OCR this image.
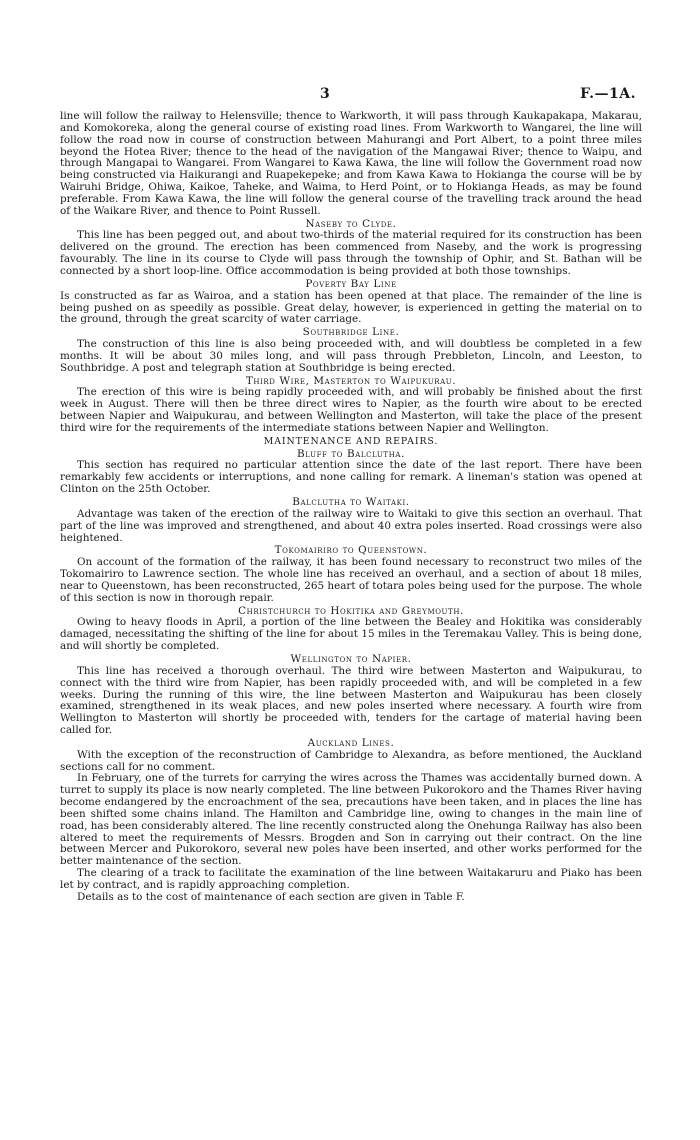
3	F.—1A.

line will follow the railway to Helensville; thence to Warkworth, it will pass through Kaukapakapa, Makarau, and Komokoreka, along the general course of existing road lines. From Warkworth to Wangarei, the line will follow the road now in course of construction between Mahurangi and Port Albert, to a point three miles beyond the Hotea River; thence to the head of the navigation of the Mangawai River; thence to Waipu, and through Mangapai to Wangarei. From Wangarei to Kawa Kawa, the line will follow the Government road now being constructed via Haikurangi and Ruapekepeke; and from Kawa Kawa to Hokianga the course will be by Wairuhi Bridge, Ohiwa, Kaikoe, Taheke, and Waima, to Herd Point, or to Hokianga Heads, as may be found preferable. From Kawa Kawa, the line will follow the general course of the travelling track around the head of the Waikare River, and thence to Point Russell.

Naseby to Clyde.

This line has been pegged out, and about two-thirds of the material required for its construction has been delivered on the ground. The erection has been commenced from Naseby, and the work is progressing favourably. The line in its course to Clyde will pass through the township of Ophir, and St. Bathan will be connected by a short loop-line. Office accommodation is being provided at both those townships.

Poverty Bay Line

Is constructed as far as Wairoa, and a station has been opened at that place. The remainder of the line is being pushed on as speedily as possible. Great delay, however, is experienced in getting the material on to the ground, through the great scarcity of water carriage.

Southbridge Line.

The construction of this line is also being proceeded with, and will doubtless be completed in a few months. It will be about 30 miles long, and will pass through Prebbleton, Lincoln, and Leeston, to Southbridge. A post and telegraph station at Southbridge is being erected.

Third Wire, Masterton to Waipukurau.

The erection of this wire is being rapidly proceeded with, and will probably be finished about the first week in August. There will then be three direct wires to Napier, as the fourth wire about to be erected between Napier and Waipukurau, and between Wellington and Masterton, will take the place of the present third wire for the requirements of the intermediate stations between Napier and Wellington.

MAINTENANCE AND REPAIRS.
Bluff to Balclutha.

This section has required no particular attention since the date of the last report. There have been remarkably few accidents or interruptions, and none calling for remark. A lineman's station was opened at Clinton on the 25th October.

Balclutha to Waitaki.

Advantage was taken of the erection of the railway wire to Waitaki to give this section an overhaul. That part of the line was improved and strengthened, and about 40 extra poles inserted. Road crossings were also heightened.

Tokomairiro to Queenstown.

On account of the formation of the railway, it has been found necessary to reconstruct two miles of the Tokomairiro to Lawrence section. The whole line has received an overhaul, and a section of about 18 miles, near to Queenstown, has been reconstructed, 265 heart of totara poles being used for the purpose. The whole of this section is now in thorough repair.

Christchurch to Hokitika and Greymouth.

Owing to heavy floods in April, a portion of the line between the Bealey and Hokitika was considerably damaged, necessitating the shifting of the line for about 15 miles in the Teremakau Valley. This is being done, and will shortly be completed.

Wellington to Napier.

This line has received a thorough overhaul. The third wire between Masterton and Waipukurau, to connect with the third wire from Napier, has been rapidly proceeded with, and will be completed in a few weeks. During the running of this wire, the line between Masterton and Waipukurau has been closely examined, strengthened in its weak places, and new poles inserted where necessary. A fourth wire from Wellington to Masterton will shortly be proceeded with, tenders for the cartage of material having been called for.

Auckland Lines.

With the exception of the reconstruction of Cambridge to Alexandra, as before mentioned, the Auckland sections call for no comment.

In February, one of the turrets for carrying the wires across the Thames was accidentally burned down. A turret to supply its place is now nearly completed. The line between Pukorokoro and the Thames River having become endangered by the encroachment of the sea, precautions have been taken, and in places the line has been shifted some chains inland. The Hamilton and Cambridge line, owing to changes in the main line of road, has been considerably altered. The line recently constructed along the Onehunga Railway has also been altered to meet the requirements of Messrs. Brogden and Son in carrying out their contract. On the line between Mercer and Pukorokoro, several new poles have been inserted, and other works performed for the better maintenance of the section.

The clearing of a track to facilitate the examination of the line between Waitakaruru and Piako has been let by contract, and is rapidly approaching completion.

Details as to the cost of maintenance of each section are given in Table F.
